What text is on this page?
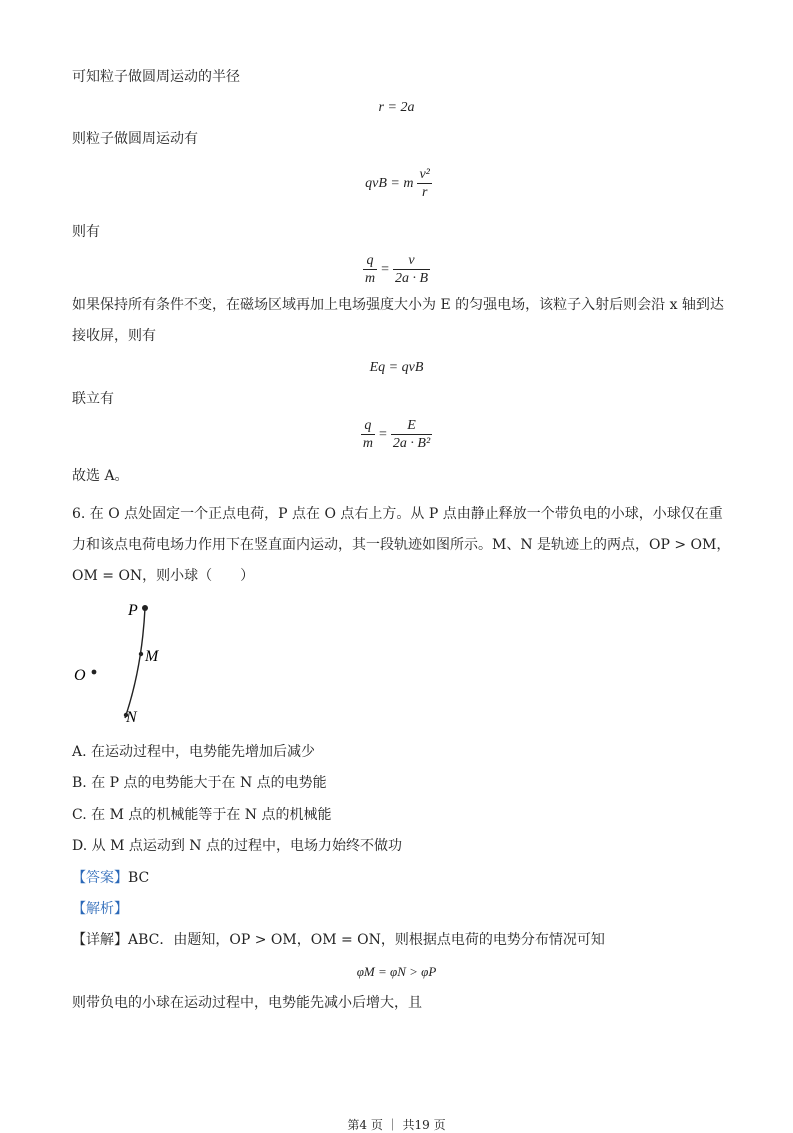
可知粒子做圆周运动的半径

r = 2a

则粒子做圆周运动有

qvB = m $\frac{\text{v²}}{r}$

则有

$\frac{q}{m} = \frac{v}{2a \cdot B}$

如果保持所有条件不变，在磁场区域再加上电场强度大小为 E 的匀强电场，该粒子入射后则会沿 x 轴到达

接收屏，则有

Eq = qvB

联立有

$\frac{q}{m} = \frac{E}{\text{2a · B²}}$

故选 A。

6. 在 O 点处固定一个正点电荷，P 点在 O 点右上方。从 P 点由静止释放一个带负电的小球，小球仅在重

力和该点电荷电场力作用下在竖直面内运动，其一段轨迹如图所示。M、N 是轨迹上的两点，OP > OM，

OM = ON，则小球（　　）

P
M
O
N

A. 在运动过程中，电势能先增加后减少

B. 在 P 点的电势能大于在 N 点的电势能

C. 在 M 点的机械能等于在 N 点的机械能

D. 从 M 点运动到 N 点的过程中，电场力始终不做功

【答案】BC

【解析】

【详解】ABC．由题知，OP > OM，OM = ON，则根据点电荷的电势分布情况可知

φM = φN > φP

则带负电的小球在运动过程中，电势能先减小后增大，且

第4 页 ｜ 共19 页
